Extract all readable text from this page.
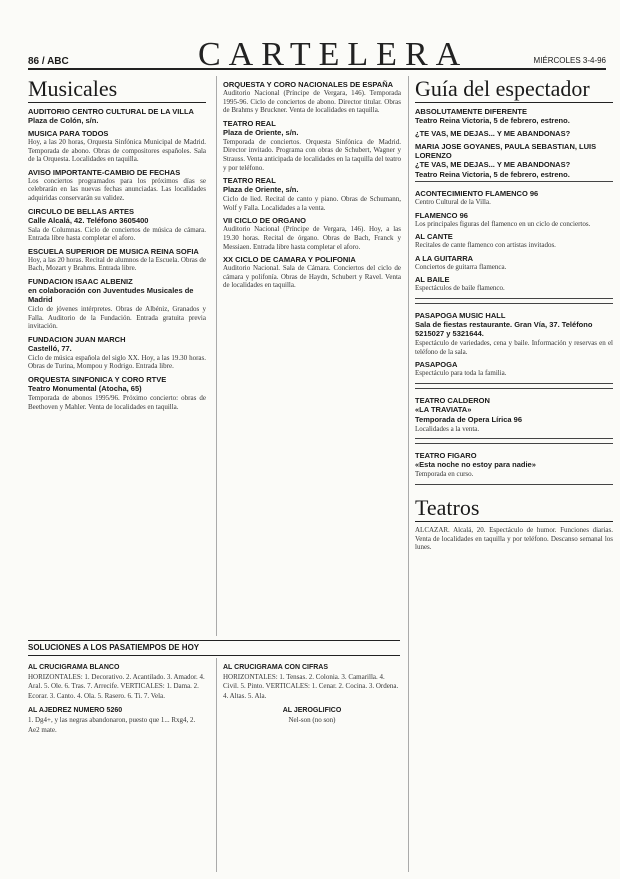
86 / ABC	CARTELERA	MIÉRCOLES 3-4-96
Musicales
AUDITORIO CENTRO CULTURAL DE LA VILLA
Plaza de Colón, s/n.
MUSICA PARA TODOS
Hoy, a las 20 horas, Orquesta Sinfónica Municipal de Madrid. Temporada de abono. Obras de compositores españoles. Sala de la Orquesta. Localidades en taquilla.
AVISO IMPORTANTE-CAMBIO DE FECHAS
Los conciertos programados para los próximos días se celebrarán en las nuevas fechas anunciadas. Las localidades adquiridas conservarán su validez.
CIRCULO DE BELLAS ARTES
Calle Alcalá, 42. Teléfono 3605400
Sala de Columnas. Ciclo de conciertos de música de cámara. Entrada libre hasta completar el aforo.
ESCUELA SUPERIOR DE MUSICA REINA SOFIA
Hoy, a las 20 horas. Recital de alumnos de la Escuela. Obras de Bach, Mozart y Brahms. Entrada libre.
FUNDACION ISAAC ALBENIZ
en colaboración con Juventudes Musicales de Madrid
Ciclo de jóvenes intérpretes. Obras de Albéniz, Granados y Falla. Auditorio de la Fundación. Entrada gratuita previa invitación.
FUNDACION JUAN MARCH
Castelló, 77.
Ciclo de música española del siglo XX. Hoy, a las 19.30 horas. Obras de Turina, Mompou y Rodrigo. Entrada libre.
ORQUESTA SINFONICA Y CORO RTVE
Teatro Monumental (Atocha, 65)
Temporada de abonos 1995/96. Próximo concierto: obras de Beethoven y Mahler. Venta de localidades en taquilla.
ORQUESTA Y CORO NACIONALES DE ESPAÑA
Auditorio Nacional (Príncipe de Vergara, 146). Temporada 1995-96. Ciclo de conciertos de abono. Director titular. Obras de Brahms y Bruckner. Venta de localidades en taquilla.
TEATRO REAL
Plaza de Oriente, s/n.
Temporada de conciertos. Orquesta Sinfónica de Madrid. Director invitado. Programa con obras de Schubert, Wagner y Strauss. Venta anticipada de localidades en la taquilla del teatro y por teléfono.
TEATRO REAL
Plaza de Oriente, s/n.
Ciclo de lied. Recital de canto y piano. Obras de Schumann, Wolf y Falla. Localidades a la venta.
VII CICLO DE ORGANO
Auditorio Nacional (Príncipe de Vergara, 146). Hoy, a las 19.30 horas. Recital de órgano. Obras de Bach, Franck y Messiaen. Entrada libre hasta completar el aforo.
XX CICLO DE CAMARA Y POLIFONIA
Auditorio Nacional. Sala de Cámara. Conciertos del ciclo de cámara y polifonía. Obras de Haydn, Schubert y Ravel. Venta de localidades en taquilla.
Guía del espectador
ABSOLUTAMENTE DIFERENTE
Teatro Reina Victoria, 5 de febrero, estreno.
¿TE VAS, ME DEJAS... Y ME ABANDONAS?
MARIA JOSE GOYANES, PAULA SEBASTIAN, LUIS LORENZO
¿TE VAS, ME DEJAS... Y ME ABANDONAS?
Teatro Reina Victoria, 5 de febrero, estreno.
ACONTECIMIENTO FLAMENCO 96
Centro Cultural de la Villa.
FLAMENCO 96
Los principales figuras del flamenco en un ciclo de conciertos.
AL CANTE
Recitales de cante flamenco con artistas invitados.
A LA GUITARRA
Conciertos de guitarra flamenca.
AL BAILE
Espectáculos de baile flamenco.
PASAPOGA MUSIC HALL
Sala de fiestas restaurante. Gran Vía, 37. Teléfono 5215027 y 5321644.
Espectáculo de variedades, cena y baile. Información y reservas en el teléfono de la sala.
PASAPOGA
Espectáculo para toda la familia.
TEATRO CALDERON
«LA TRAVIATA»
Temporada de Opera Lírica 96
Localidades a la venta.
TEATRO FIGARO
«Esta noche no estoy para nadie»
Temporada en curso.
Teatros
ALCAZAR. Alcalá, 20. Espectáculo de humor. Funciones diarias. Venta de localidades en taquilla y por teléfono. Descanso semanal los lunes.
SOLUCIONES A LOS PASATIEMPOS DE HOY
AL CRUCIGRAMA BLANCO

HORIZONTALES: 1. Decorativo. 2. Acantilado. 3. Amador. 4. Aral. 5. Ole. 6. Tras. 7. Arrecife. VERTICALES: 1. Dama. 2. Ecorar. 3. Canto. 4. Ola. 5. Rasero. 6. Ti. 7. Vela.

AL AJEDREZ NUMERO 5260

1. Dg4+, y las negras abandonaron, puesto que 1... Rxg4, 2. Ae2 mate.

AL CRUCIGRAMA CON CIFRAS

HORIZONTALES: 1. Tensas. 2. Colonia. 3. Camarilla. 4. Civil. 5. Pinto. VERTICALES: 1. Cenar. 2. Cocina. 3. Ordena. 4. Altas. 5. Ala.

AL JEROGLIFICO

Nel-son (no son)
